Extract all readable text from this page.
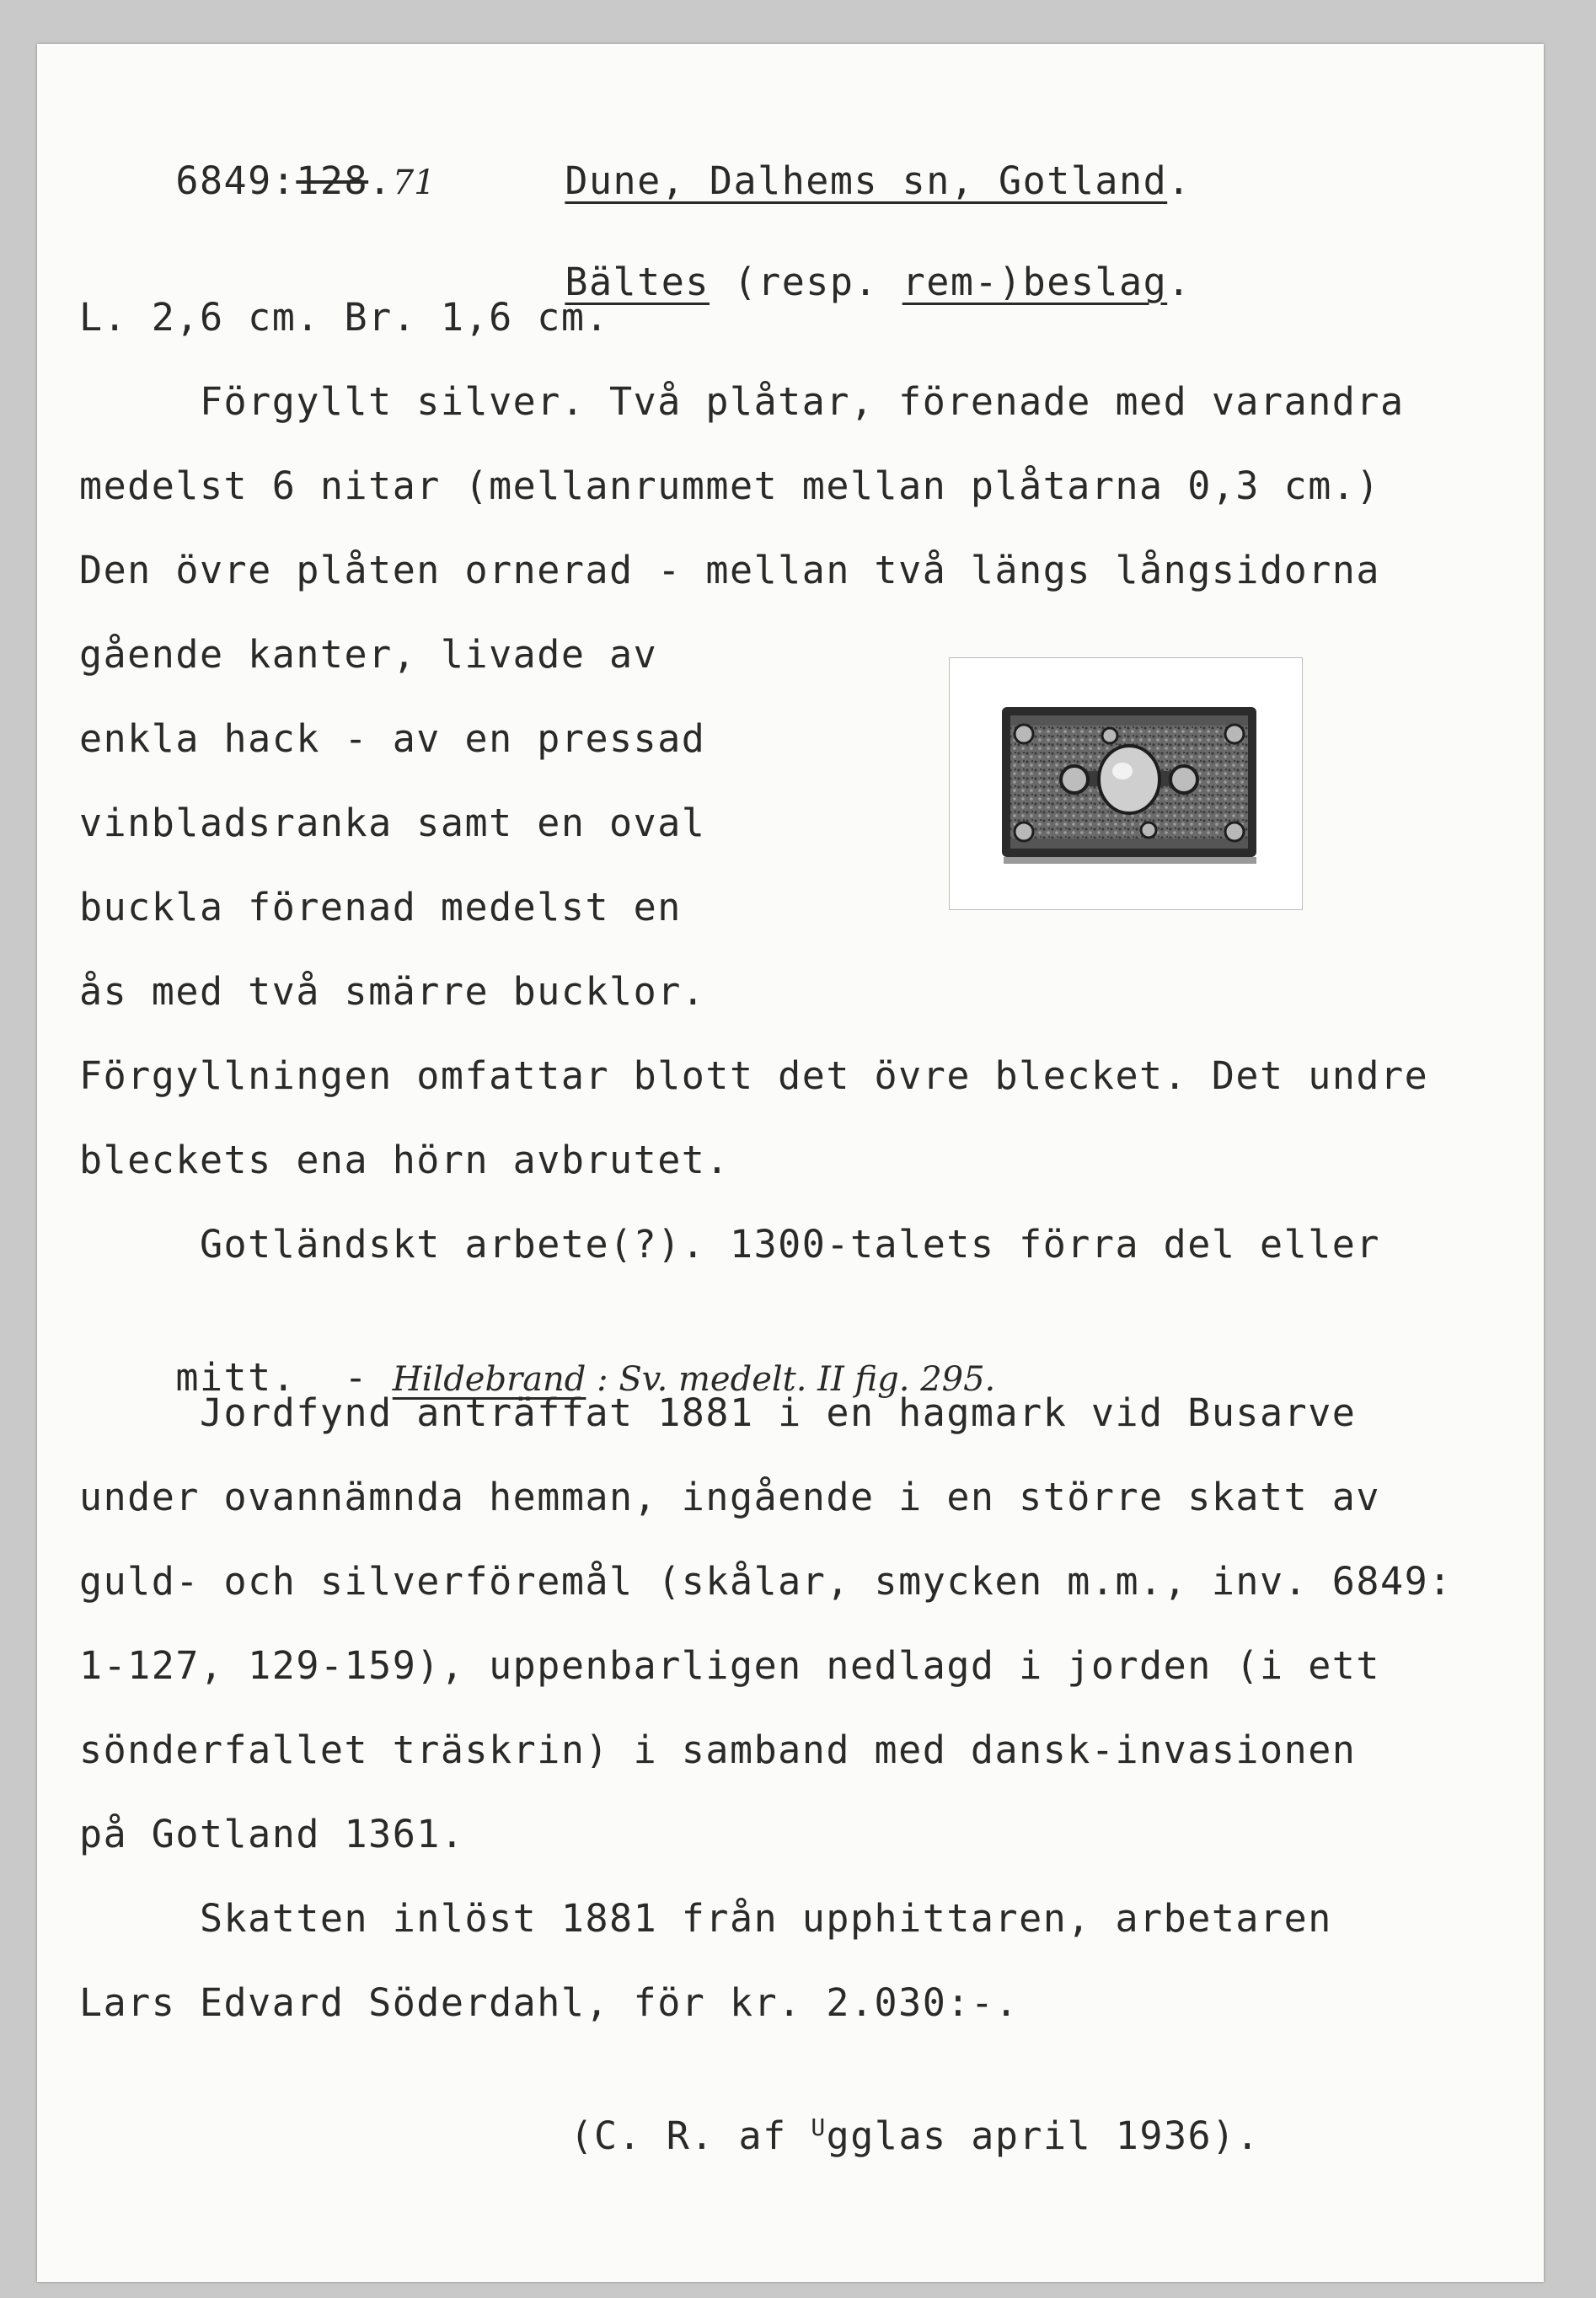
6849:128.71
	Dune, Dalhems sn, Gotland.

Bältes (resp. rem-)beslag.

L. 2,6 cm. Br. 1,6 cm.
Förgyllt silver. Två plåtar, förenade med varandra
medelst 6 nitar (mellanrummet mellan plåtarna 0,3 cm.)
Den övre plåten ornerad - mellan två längs långsidorna
gående kanter, livade av
enkla hack - av en pressad
vinbladsranka samt en oval
buckla förenad medelst en
ås med två smärre bucklor.
Förgyllningen omfattar blott det övre blecket. Det undre
bleckets ena hörn avbrutet.
Gotländskt arbete(?). 1300-talets förra del eller

mitt.  - Hildebrand : Sv. medelt. II fig. 295.

Jordfynd anträffat 1881 i en hagmark vid Busarve
under ovannämnda hemman, ingående i en större skatt av
guld- och silverföremål (skålar, smycken m.m., inv. 6849:
1-127, 129-159), uppenbarligen nedlagd i jorden (i ett
sönderfallet träskrin) i samband med dansk-invasionen
på Gotland 1361.
Skatten inlöst 1881 från upphittaren, arbetaren
Lars Edvard Söderdahl, för kr. 2.030:-.

(C. R. af $^U$gglas april 1936).
